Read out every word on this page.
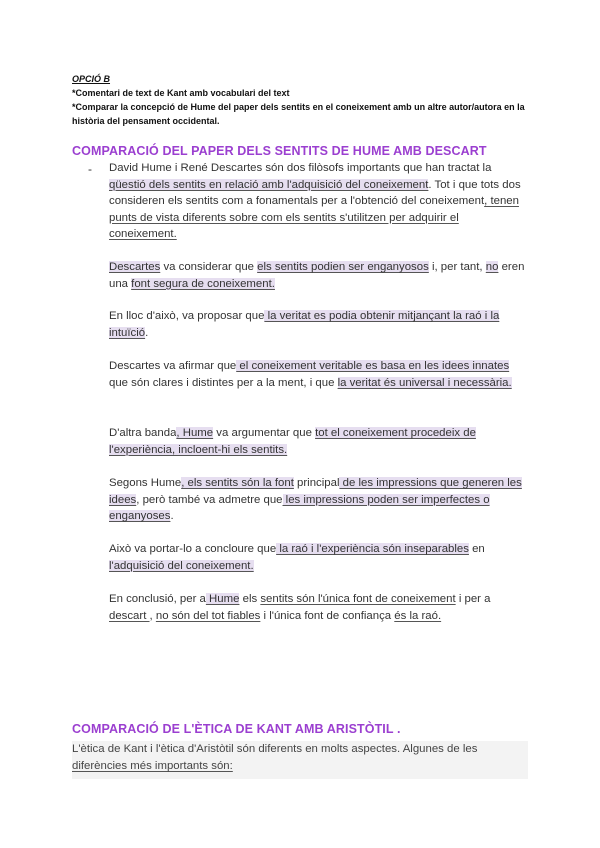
OPCIÓ B
*Comentari de text de Kant amb vocabulari del text
*Comparar la concepció de Hume del paper dels sentits en el coneixement amb un altre autor/autora en la història del pensament occidental.
COMPARACIÓ DEL PAPER DELS SENTITS DE HUME AMB DESCART
- David Hume i René Descartes són dos filòsofs importants que han tractat la qüestió dels sentits en relació amb l'adquisició del coneixement. Tot i que tots dos consideren els sentits com a fonamentals per a l'obtenció del coneixement, tenen punts de vista diferents sobre com els sentits s'utilitzen per adquirir el coneixement.
Descartes va considerar que els sentits podien ser enganyosos i, per tant, no eren una font segura de coneixement.
En lloc d'això, va proposar que la veritat es podia obtenir mitjançant la raó i la intuïció.
Descartes va afirmar que el coneixement veritable es basa en les idees innates que són clares i distintes per a la ment, i que la veritat és universal i necessària.
D'altra banda, Hume va argumentar que tot el coneixement procedeix de l'experiència, incloent-hi els sentits.
Segons Hume, els sentits són la font principal de les impressions que generen les idees, però també va admetre que les impressions poden ser imperfectes o enganyoses.
Això va portar-lo a concloure que la raó i l'experiència són inseparables en l'adquisició del coneixement.
En conclusió, per a Hume els sentits són l'única font de coneixement i per a descart , no són del tot fiables i l'única font de confiança és la raó.
COMPARACIÓ DE L'ÈTICA DE KANT AMB ARISTÒTIL .
L'ètica de Kant i l'ètica d'Aristòtil són diferents en molts aspectes. Algunes de les diferències més importants són:
